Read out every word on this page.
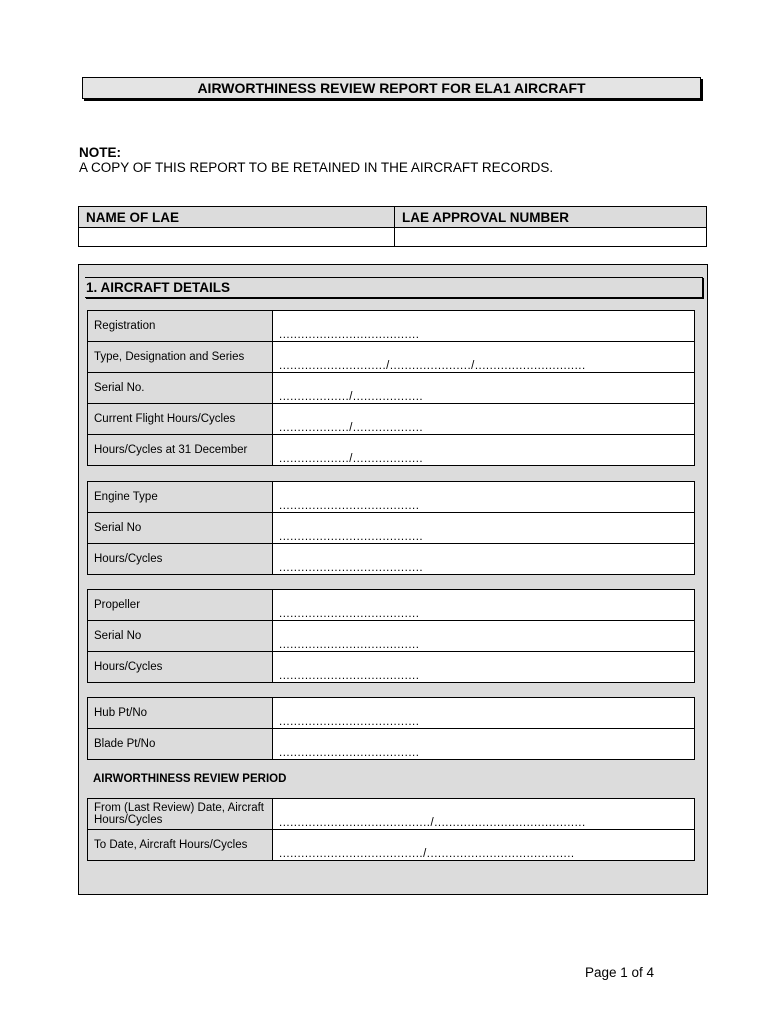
AIRWORTHINESS REVIEW REPORT FOR ELA1 AIRCRAFT
NOTE:
A COPY OF THIS REPORT TO BE RETAINED IN THE AIRCRAFT RECORDS.
NAME OF LAE	LAE APPROVAL NUMBER

1. AIRCRAFT DETAILS
Registration	......................................
Type, Designation and Series	............................./....................../..............................
Serial No.	.................../...................
Current Flight Hours/Cycles	.................../...................
Hours/Cycles at 31 December	.................../...................
Engine Type	......................................
Serial No	.......................................
Hours/Cycles	.......................................
Propeller	......................................
Serial No	......................................
Hours/Cycles	......................................
Hub Pt/No	......................................
Blade Pt/No	......................................
AIRWORTHINESS REVIEW PERIOD
From (Last Review) Date, Aircraft Hours/Cycles	........................................./.........................................
To Date, Aircraft Hours/Cycles	......................................./........................................
Page 1 of 4
